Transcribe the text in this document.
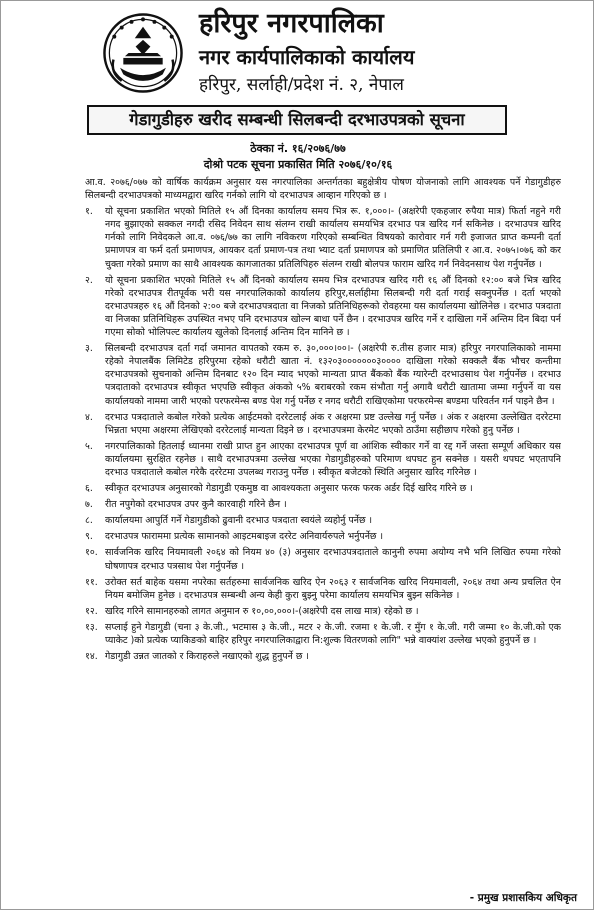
हरिपुर नगरपालिका
नगर कार्यपालिकाको कार्यालय
हरिपुर, सर्लाही/प्रदेश नं. २, नेपाल
गेडागुडीहरु खरीद सम्बन्धी सिलबन्दी दरभाउपत्रको सूचना
ठेक्का नं. १६/२०७६/७७
दोश्रो पटक सूचना प्रकासित मिति २०७६/१०/१६

आ.व. २०७६/०७७ को वार्षिक कार्यक्रम अनुसार यस नगरपालिका अन्तर्गतका बहुक्षेत्रीय पोषण योजनाको लागि आवश्यक पर्ने गेडागुडीहरु सिलबन्दी दरभाउपत्रको माध्यमद्वारा खरिद गर्नको लागि यो दरभाउपत्र आव्हान गरिएको छ ।

१.	यो सूचना प्रकाशित भएको मितिले १५ औं दिनका कार्यालय समय भित्र रू. १,०००।- (अक्षरेपी एकहजार रुपैया मात्र) फिर्ता नहुने गरी नगद बुझाएको सक्कल नगदी रसिद निवेदन साथ संलग्न राखी कार्यालय समयभित्र दरभाउ पत्र खरिद गर्न सकिनेछ । दरभाउपत्र खरिद गर्नको लागि निवेदकले आ.व. ०७६/७७ का लागि नविकरण गरिएको सम्बन्धित विषयको कारोवार गर्न गरी इजाजत प्राप्त कम्पनी दर्ता प्रमाणपत्र वा फर्म दर्ता प्रमाणपत्र, आयकर दर्ता प्रमाण-पत्र तथा भ्याट दर्ता प्रमाणपत्र को प्रमाणित प्रतिलिपी र आ.व. २०७५।०७६ को कर चुक्ता गरेको प्रमाण का साथै आवश्यक कागजातका प्रतिलिपिहरु संलग्न राखी बोलपत्र फाराम खरिद गर्न निवेदनसाथ पेश गर्नुपर्नेछ ।
२.	यो सूचना प्रकाशित भएको मितिले १५ औं दिनको कार्यालय समय भित्र दरभाउपत्र खरिद गरी १६ औं दिनको १२:०० बजे भित्र खरिद गरेको दरभाउपत्र रीतपूर्वक भरी यस नगरपालिकाको कार्यालय हरिपुर,सर्लाहीमा सिलबन्दी गरी दर्ता गराई सक्नुपर्नेछ । दर्ता भएको दरभाउपत्रहरु १६ औं दिनको २:०० बजे दरभाउपत्रदाता वा निजको प्रतिनिधिहरूको रोवहरमा यस कार्यालयमा खोलिनेछ । दरभाउ पत्रदाता वा निजका प्रतिनिधिहरू उपस्थित नभए पनि दरभाउपत्र खोल्न बाधा पर्ने छैन । दरभाउपत्र खरिद गर्ने र दाखिला गर्ने अन्तिम दिन बिदा पर्न गएमा सोको भोलिपल्ट कार्यालय खुलेको दिनलाई अन्तिम दिन मानिने छ ।
३.	सिलबन्दी दरभाउपत्र दर्ता गर्दा जमानत वापतको रकम रु. ३०,०००।००।- (अक्षरेपी रु.तीस हजार मात्र) हरिपुर नगरपालिकाको नाममा रहेको नेपालबैंक लिमिटेड हरिपुरमा रहेको धरौटी खाता नं. १३२०३०००००००३०००० दाखिला गरेको सक्कलै बैंक भौचर कन्तीमा दरभाउपत्रको सुचनाको अन्तिम दिनबाट १२० दिन म्याद भएको मान्यता प्राप्त बैंकको बैंक ग्यारेन्टी दरभाउसाथ पेश गर्नुपर्नेछ । दरभाउ पत्रदाताको दरभाउपत्र स्वीकृत भएपछि स्वीकृत अंकको ५% बराबरको रकम संभौता गर्नु अगावै धरौटी खातामा जम्मा गर्नुपर्ने वा यस कार्यालयको नाममा जारी भएको परफरमेन्स बण्ड पेश गर्नु पर्नेछ र नगद धरौटी राखिएकोमा परफरमेन्स बण्डमा परिवर्तन गर्न पाइने छैन ।
४.	दरभाउ पत्रदाताले कबोल गरेको प्रत्येक आईटमको दररेटलाई अंक र अक्षरमा प्रष्ट उल्लेख गर्नु पर्नेछ । अंक र अक्षरमा उल्लेखित दररेटमा भिन्नता भएमा अक्षरमा लेखिएको दररेटलाई मान्यता दिइने छ । दरभाउपत्रमा केरमेट भएको ठाउँमा सहीछाप गरेको हुनु पर्नेछ ।
५.	नगरपालिकाको हितलाई ध्यानमा राखी प्राप्त हुन आएका दरभाउपत्र पूर्ण वा आंशिक स्वीकार गर्ने वा रद्द गर्ने जस्ता सम्पूर्ण अधिकार यस कार्यालयमा सुरक्षित रहनेछ । साथै दरभाउपत्रमा उल्लेख भएका गेडागुडीहरुको परिमाण थपघट हुन सक्नेछ । यसरी थपघट भएतापनि दरभाउ पत्रदाताले कबोल गरेकै दररेटमा उपलब्ध गराउनु पर्नेछ । स्वीकृत बजेटको स्थिति अनुसार खरिद गरिनेछ ।
६.	स्वीकृत दरभाउपत्र अनुसारको गेडागुडी एकमुष्ठ वा आवश्यकता अनुसार फरक फरक अर्डर दिई खरिद गरिने छ ।
७.	रीत नपुगेको दरभाउपत्र उपर कुनै कारवाही गरिने छैन ।
८.	कार्यालयमा आपुर्ति गर्ने गेडागुडीको ढुवानी दरभाउ पत्रदाता स्वयंले व्यहोर्नु पर्नेछ ।
९.	दरभाउपत्र फाराममा प्रत्येक सामानको आइटमबाइज दररेट अनिवार्यरुपले भर्नुपर्नेछ ।
१०. सार्वजनिक खरिद नियमावली २०६४ को नियम ४० (३) अनुसार दरभाउपत्रदाताले कानुनी रुपमा अयोग्य नभै भनि लिखित रुपमा गरेको घोषणापत्र दरभाउ पत्रसाथ पेश गर्नुपर्नेछ ।
११. उरोक्त सर्त बाहेक यसमा नपरेका सर्तहरुमा सार्वजनिक खरिद ऐन २०६३ र सार्वजनिक खरिद नियमावली, २०६४ तथा अन्य प्रचलित ऐन नियम बमोजिम हुनेछ । दरभाउपत्र सम्बन्धी अन्य केही कुरा बुझ्नु परेमा कार्यालय समयभित्र बुझ्न सकिनेछ ।
१२. खरिद गरिने सामानहरुको लागत अनुमान रु १०,००,०००।-(अक्षरेपी दस लाख मात्र) रहेको छ ।
१३. सप्लाई हुने गेडागुडी (चना ३ के.जी., भटमास ३ के.जी., मटर २ के.जी. रजमा १ के.जी. र मुँग १ के.जी. गरी जम्मा १० के.जी.को एक प्याकेट )को प्रत्येक प्याकिङको बाहिर हरिपुर नगरपालिकाद्वारा नि:शुल्क वितरणको लागि" भन्ने वाक्यांश उल्लेख भएको हुनुपर्ने छ ।
१४. गेडागुडी उन्नत जातको र किराहरुले नखाएको शुद्ध हुनुपर्ने छ ।
- प्रमुख प्रशासकिय अधिकृत
